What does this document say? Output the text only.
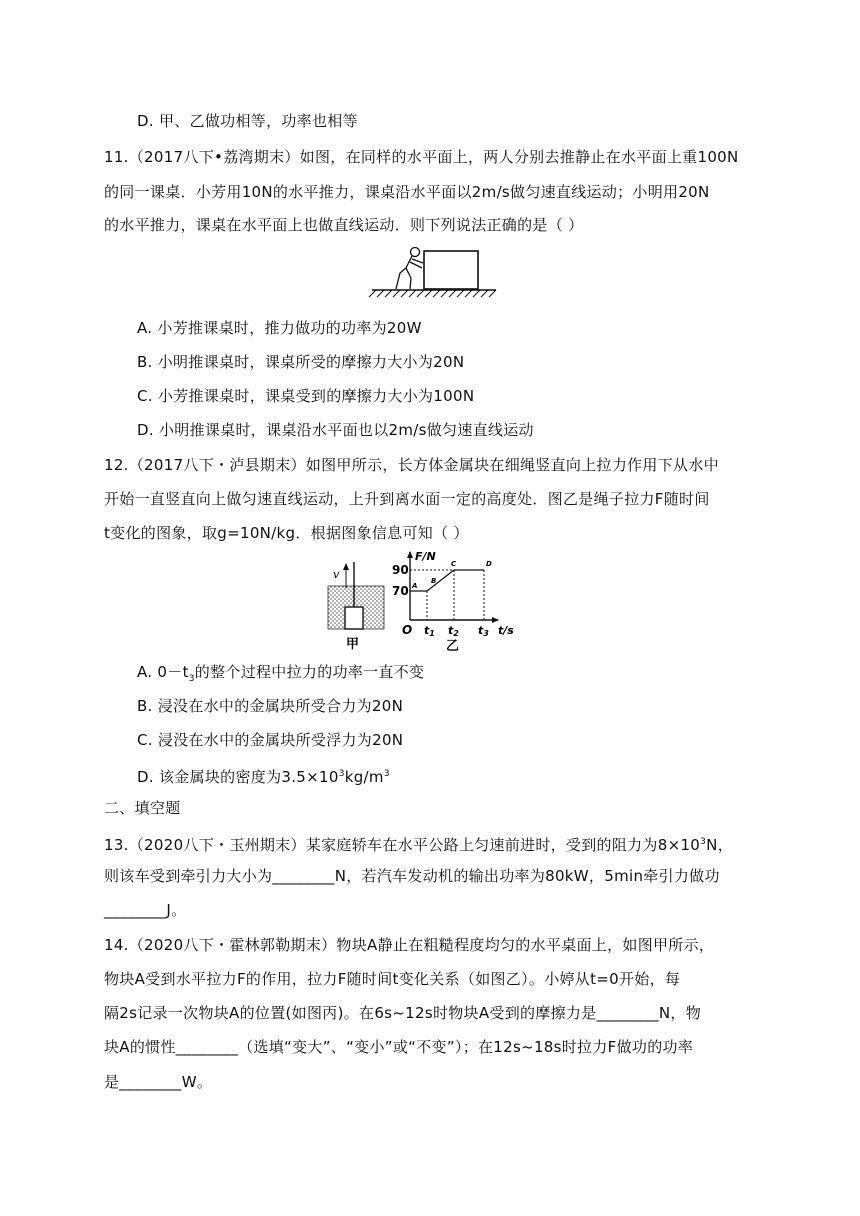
D. 甲、乙做功相等，功率也相等
11.（2017八下•荔湾期末）如图，在同样的水平面上，两人分别去推静止在水平面上重100N
的同一课桌．小芳用10N的水平推力，课桌沿水平面以2m/s做匀速直线运动；小明用20N
的水平推力，课桌在水平面上也做直线运动．则下列说法正确的是（ ）
A. 小芳推课桌时，推力做功的功率为20W
B. 小明推课桌时，课桌所受的摩擦力大小为20N
C. 小芳推课桌时，课桌受到的摩擦力大小为100N
D. 小明推课桌时，课桌沿水平面也以2m/s做匀速直线运动
12.（2017八下・泸县期末）如图甲所示，长方体金属块在细绳竖直向上拉力作用下从水中
开始一直竖直向上做匀速直线运动，上升到离水面一定的高度处．图乙是绳子拉力F随时间
t变化的图象，取g=10N/kg．根据图象信息可知（ ）
v
甲
F/N
t/s
O
90
70 A
B
C	D
t1 t2 t3
乙
A. $0-t_3$的整个过程中拉力的功率一直不变
B. 浸没在水中的金属块所受合力为20N
C. 浸没在水中的金属块所受浮力为20N
D. 该金属块的密度为$3.5\times 10^3kg/m^3$
二、填空题
13.（2020八下・玉州期末）某家庭轿车在水平公路上匀速前进时，受到的阻力为$8\times 10^3N$，
则该车受到牵引力大小为________N，若汽车发动机的输出功率为80kW，5min牵引力做功
________J。
14.（2020八下・霍林郭勒期末）物块A静止在粗糙程度均匀的水平桌面上，如图甲所示，
物块A受到水平拉力F的作用，拉力F随时间t变化关系（如图乙）。小婷从t=0开始，每
隔2s记录一次物块A的位置(如图丙)。在6s~12s时物块A受到的摩擦力是________N，物
块A的惯性________（选填“变大”、“变小”或“不变”）；在12s~18s时拉力F做功的功率
是________W。
